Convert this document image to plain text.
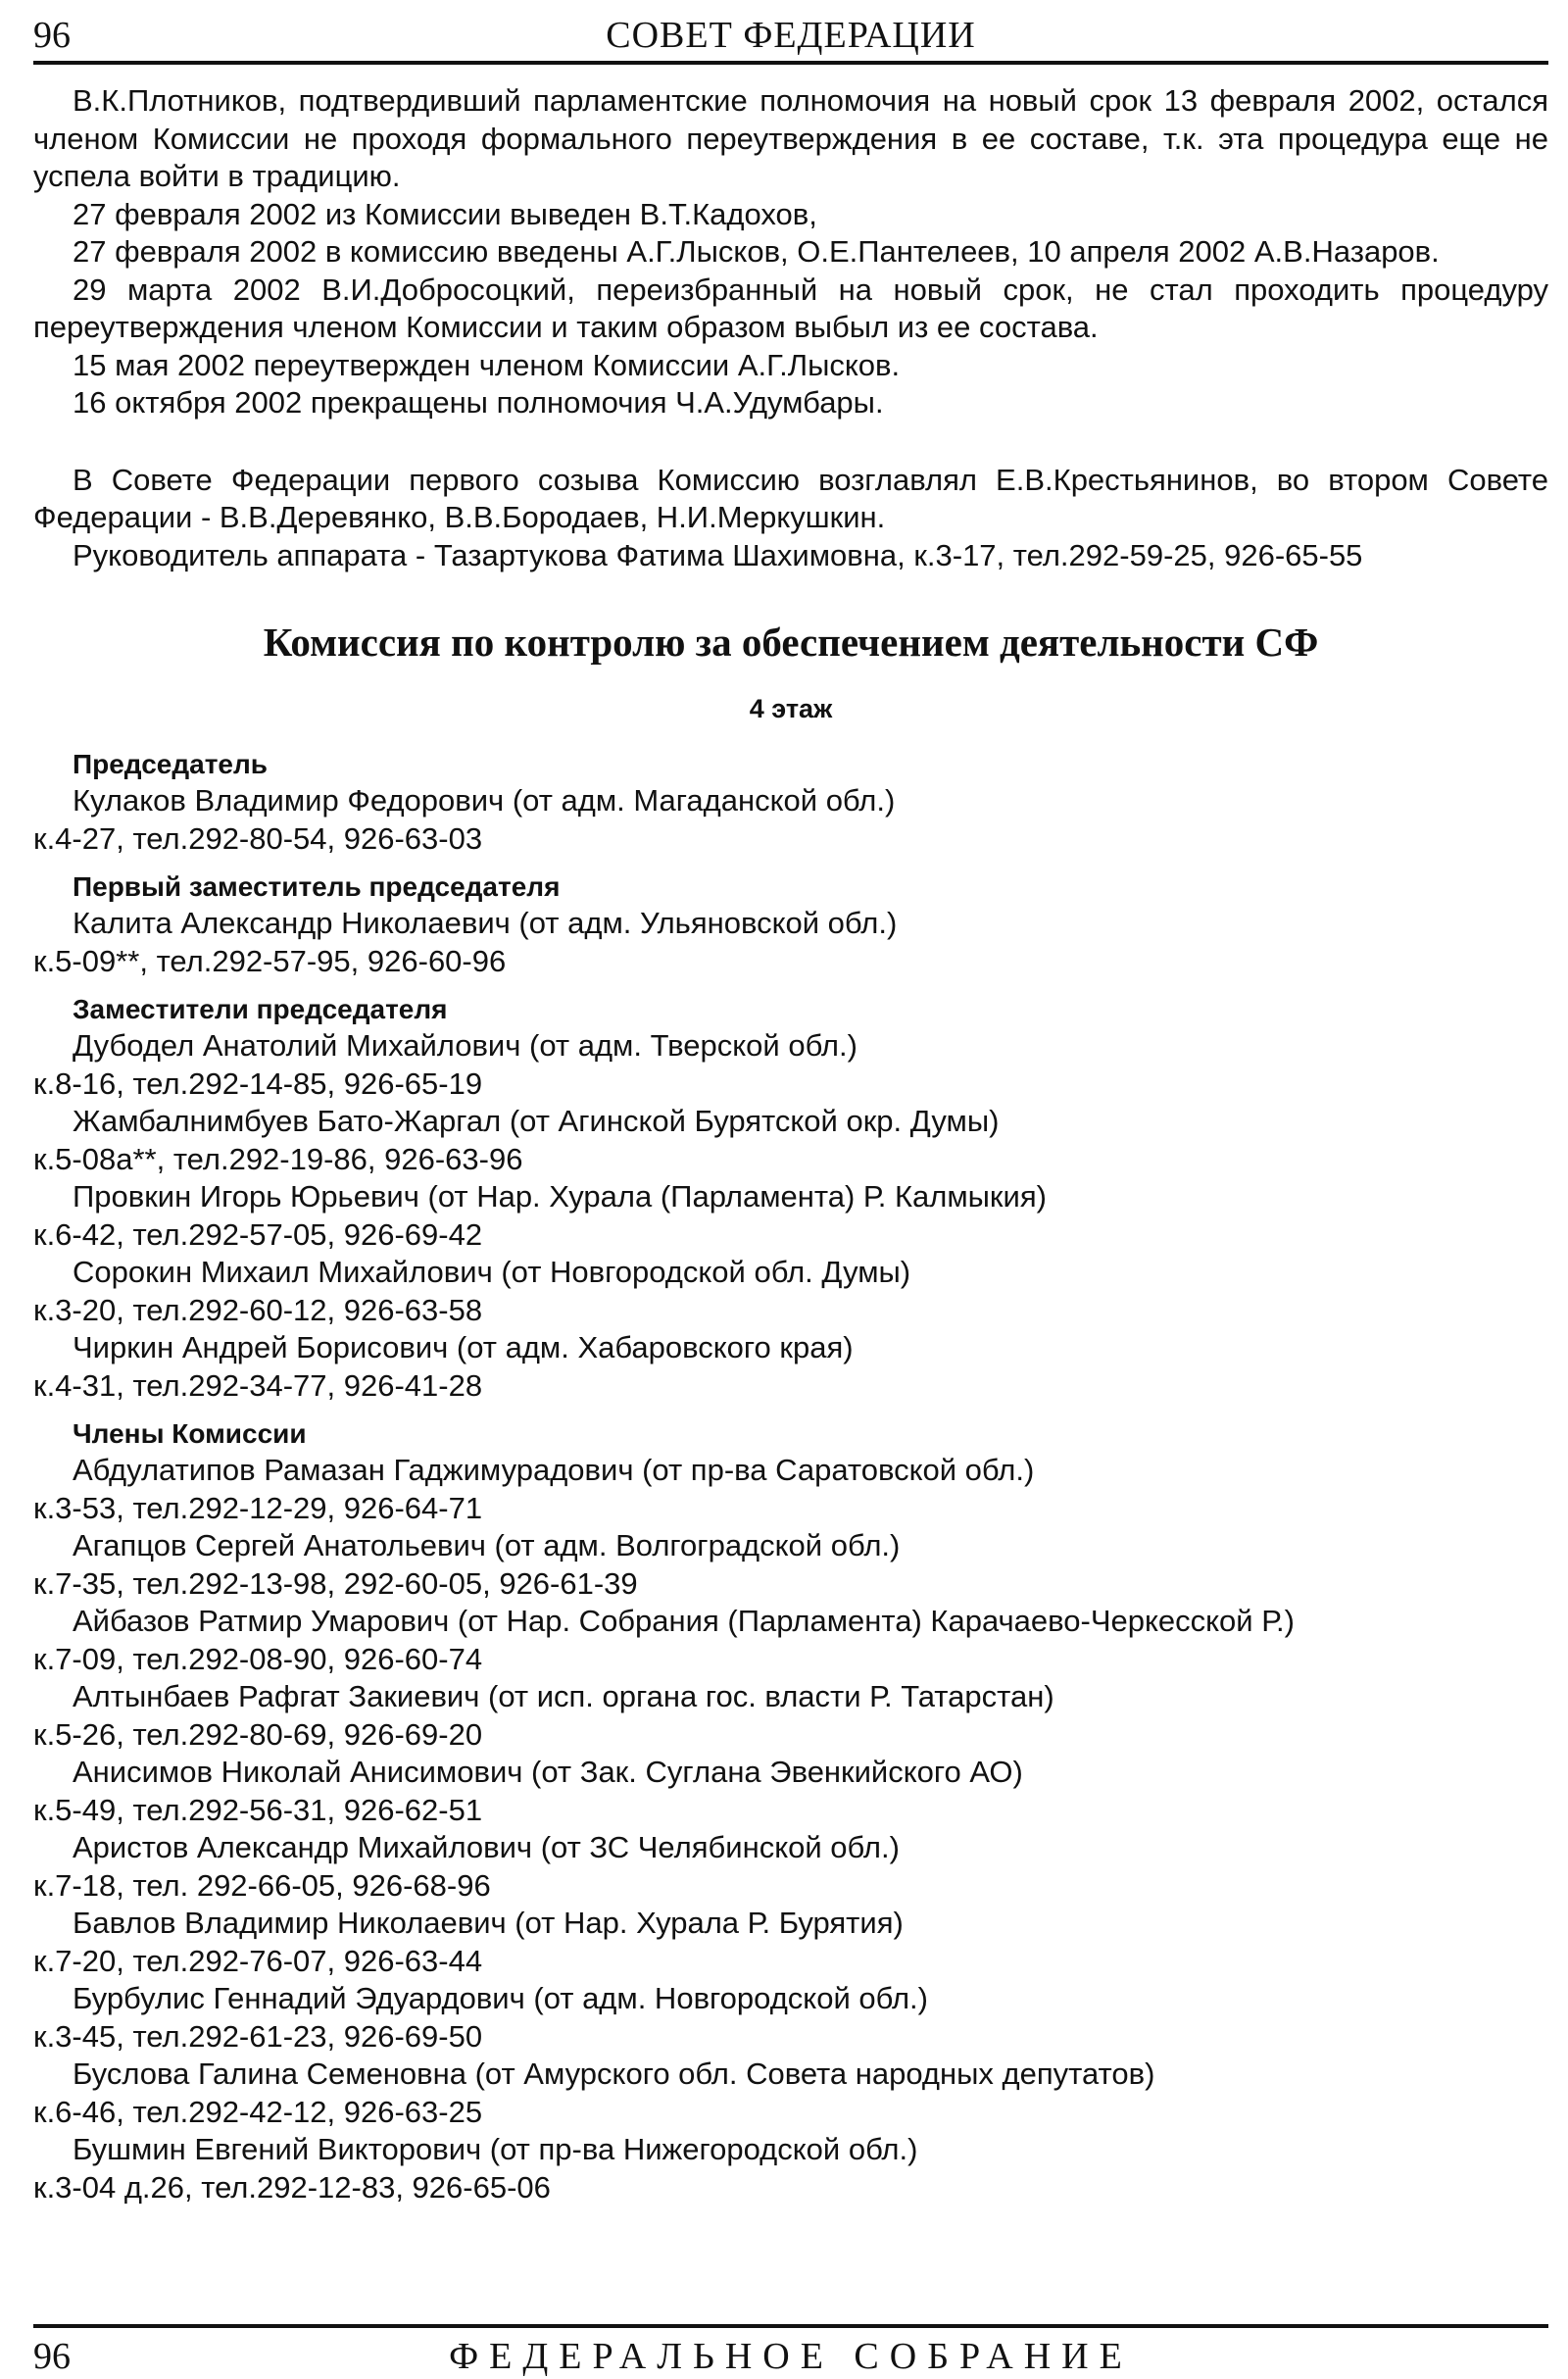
96	СОВЕТ ФЕДЕРАЦИИ

В.К.Плотников, подтвердивший парламентские полномочия на новый срок 13 февраля 2002, остался членом Комиссии не проходя формального переутверждения в ее составе, т.к. эта процедура еще не успела войти в традицию.

27 февраля 2002 из Комиссии выведен В.Т.Кадохов,

27 февраля 2002 в комиссию введены А.Г.Лысков, О.Е.Пантелеев, 10 апреля 2002 А.В.Назаров.

29 марта 2002 В.И.Добросоцкий, переизбранный на новый срок, не стал проходить процедуру переутверждения членом Комиссии и таким образом выбыл из ее состава.

15 мая 2002 переутвержден членом Комиссии А.Г.Лысков.

16 октября 2002 прекращены полномочия Ч.А.Удумбары.

В Совете Федерации первого созыва Комиссию возглавлял Е.В.Крестьянинов, во втором Совете Федерации - В.В.Деревянко, В.В.Бородаев, Н.И.Меркушкин.

Руководитель аппарата - Тазартукова Фатима Шахимовна, к.3-17, тел.292-59-25, 926-65-55

Комиссия по контролю за обеспечением деятельности СФ
4 этаж
Председатель
Кулаков Владимир Федорович (от адм. Магаданской обл.)
к.4-27, тел.292-80-54, 926-63-03
Первый заместитель председателя
Калита Александр Николаевич (от адм. Ульяновской обл.)
к.5-09**, тел.292-57-95, 926-60-96
Заместители председателя
Дубодел Анатолий Михайлович (от адм. Тверской обл.)
к.8-16, тел.292-14-85, 926-65-19
Жамбалнимбуев Бато-Жаргал (от Агинской Бурятской окр. Думы)
к.5-08а**, тел.292-19-86, 926-63-96
Провкин Игорь Юрьевич (от Нар. Хурала (Парламента) Р. Калмыкия)
к.6-42, тел.292-57-05, 926-69-42
Сорокин Михаил Михайлович (от Новгородской обл. Думы)
к.3-20, тел.292-60-12, 926-63-58
Чиркин Андрей Борисович (от адм. Хабаровского края)
к.4-31, тел.292-34-77, 926-41-28
Члены Комиссии
Абдулатипов Рамазан Гаджимурадович (от пр-ва Саратовской обл.)
к.3-53, тел.292-12-29, 926-64-71
Агапцов Сергей Анатольевич (от адм. Волгоградской обл.)
к.7-35, тел.292-13-98, 292-60-05, 926-61-39
Айбазов Ратмир Умарович (от Нар. Собрания (Парламента) Карачаево-Черкесской Р.)
к.7-09, тел.292-08-90, 926-60-74
Алтынбаев Рафгат Закиевич (от исп. органа гос. власти Р. Татарстан)
к.5-26, тел.292-80-69, 926-69-20
Анисимов Николай Анисимович (от Зак. Суглана Эвенкийского АО)
к.5-49, тел.292-56-31, 926-62-51
Аристов Александр Михайлович (от ЗС Челябинской обл.)
к.7-18, тел. 292-66-05, 926-68-96
Бавлов Владимир Николаевич (от Нар. Хурала Р. Бурятия)
к.7-20, тел.292-76-07, 926-63-44
Бурбулис Геннадий Эдуардович (от адм. Новгородской обл.)
к.3-45, тел.292-61-23, 926-69-50
Буслова Галина Семеновна (от Амурского обл. Совета народных депутатов)
к.6-46, тел.292-42-12, 926-63-25
Бушмин Евгений Викторович (от пр-ва Нижегородской обл.)
к.3-04 д.26, тел.292-12-83, 926-65-06
96	ФЕДЕРАЛЬНОЕ СОБРАНИЕ
